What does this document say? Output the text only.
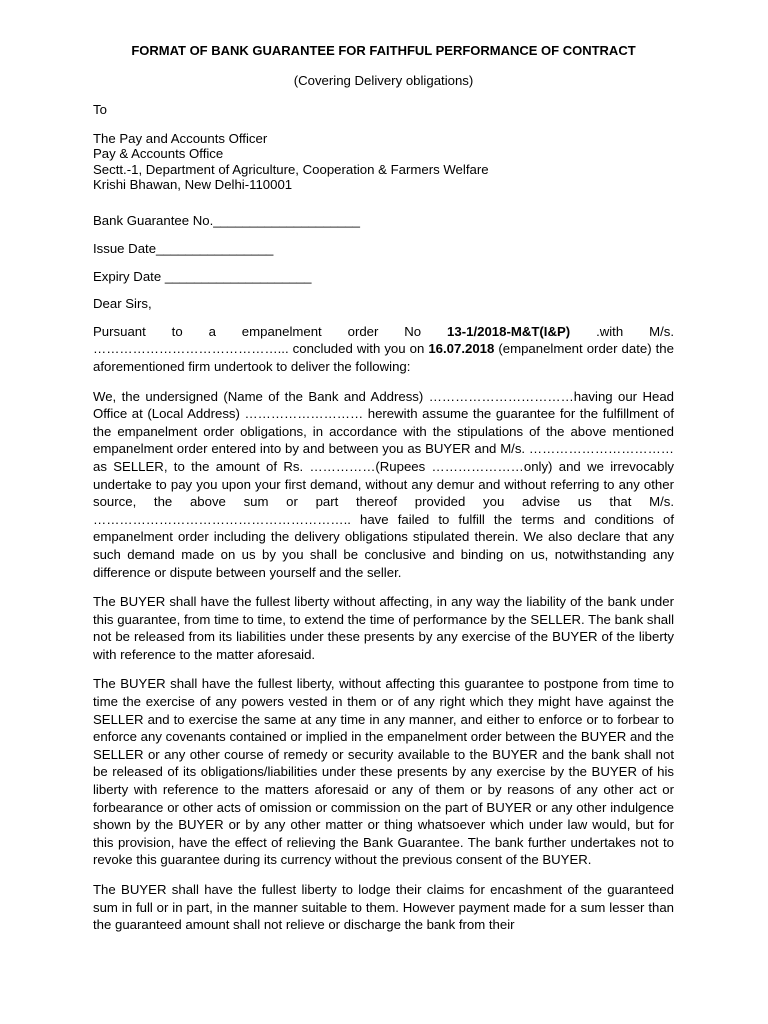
FORMAT OF BANK GUARANTEE FOR FAITHFUL PERFORMANCE OF CONTRACT

(Covering Delivery obligations)

To

The Pay and Accounts Officer
Pay & Accounts Office
Sectt.-1, Department of Agriculture, Cooperation & Farmers Welfare
Krishi Bhawan, New Delhi-110001

Bank Guarantee No.____________________

Issue Date________________

Expiry Date ____________________

Dear Sirs,

Pursuant to a empanelment order No 13-1/2018-M&T(I&P) .with M/s. ……………………………………... concluded with you on 16.07.2018 (empanelment order date) the aforementioned firm undertook to deliver the following:

We, the undersigned (Name of the Bank and Address) ……………………………having our Head Office at (Local Address) ……………………… herewith assume the guarantee for the fulfillment of the empanelment order obligations, in accordance with the stipulations of the above mentioned empanelment order entered into by and between you as BUYER and M/s. …………………………… as SELLER, to the amount of Rs. ……………(Rupees …………………only) and we irrevocably undertake to pay you upon your first demand, without any demur and without referring to any other source, the above sum or part thereof provided you advise us that M/s. ………………………………………………….. have failed to fulfill the terms and conditions of empanelment order including the delivery obligations stipulated therein. We also declare that any such demand made on us by you shall be conclusive and binding on us, notwithstanding any difference or dispute between yourself and the seller.

The BUYER shall have the fullest liberty without affecting, in any way the liability of the bank under this guarantee, from time to time, to extend the time of performance by the SELLER. The bank shall not be released from its liabilities under these presents by any exercise of the BUYER of the liberty with reference to the matter aforesaid.

The BUYER shall have the fullest liberty, without affecting this guarantee to postpone from time to time the exercise of any powers vested in them or of any right which they might have against the SELLER and to exercise the same at any time in any manner, and either to enforce or to forbear to enforce any covenants contained or implied in the empanelment order between the BUYER and the SELLER or any other course of remedy or security available to the BUYER and the bank shall not be released of its obligations/liabilities under these presents by any exercise by the BUYER of his liberty with reference to the matters aforesaid or any of them or by reasons of any other act or forbearance or other acts of omission or commission on the part of BUYER or any other indulgence shown by the BUYER or by any other matter or thing whatsoever which under law would, but for this provision, have the effect of relieving the Bank Guarantee. The bank further undertakes not to revoke this guarantee during its currency without the previous consent of the BUYER.

The BUYER shall have the fullest liberty to lodge their claims for encashment of the guaranteed sum in full or in part, in the manner suitable to them. However payment made for a sum lesser than the guaranteed amount shall not relieve or discharge the bank from their
